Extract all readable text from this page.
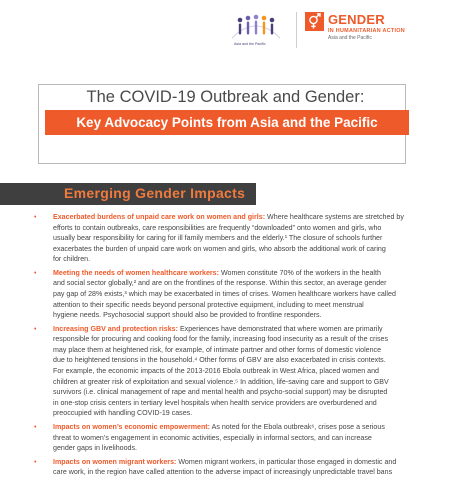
Asia and the Pacific
GENDER
IN HUMANITARIAN ACTION
Asia and the Pacific
The COVID-19 Outbreak and Gender:
Key Advocacy Points from Asia and the Pacific
Emerging Gender Impacts
• Exacerbated burdens of unpaid care work on women and girls: Where healthcare systems are stretched by
efforts to contain outbreaks, care responsibilities are frequently “downloaded” onto women and girls, who
usually bear responsibility for caring for ill family members and the elderly.¹ The closure of schools further
exacerbates the burden of unpaid care work on women and girls, who absorb the additional work of caring
for children.
• Meeting the needs of women healthcare workers: Women constitute 70% of the workers in the health
and social sector globally,² and are on the frontlines of the response. Within this sector, an average gender
pay gap of 28% exists,³ which may be exacerbated in times of crises. Women healthcare workers have called
attention to their specific needs beyond personal protective equipment, including to meet menstrual
hygiene needs. Psychosocial support should also be provided to frontline responders.
• Increasing GBV and protection risks: Experiences have demonstrated that where women are primarily
responsible for procuring and cooking food for the family, increasing food insecurity as a result of the crises
may place them at heightened risk, for example, of intimate partner and other forms of domestic violence
due to heightened tensions in the household.⁴ Other forms of GBV are also exacerbated in crisis contexts.
For example, the economic impacts of the 2013-2016 Ebola outbreak in West Africa, placed women and
children at greater risk of exploitation and sexual violence.⁵ In addition, life-saving care and support to GBV
survivors (i.e. clinical management of rape and mental health and psycho-social support) may be disrupted
in one-stop crisis centers in tertiary level hospitals when health service providers are overburdened and
preoccupied with handling COVID-19 cases.
• Impacts on women’s economic empowerment: As noted for the Ebola outbreak⁶, crises pose a serious
threat to women’s engagement in economic activities, especially in informal sectors, and can increase
gender gaps in livelihoods.
• Impacts on women migrant workers: Women migrant workers, in particular those engaged in domestic and
care work, in the region have called attention to the adverse impact of increasingly unpredictable travel bans
